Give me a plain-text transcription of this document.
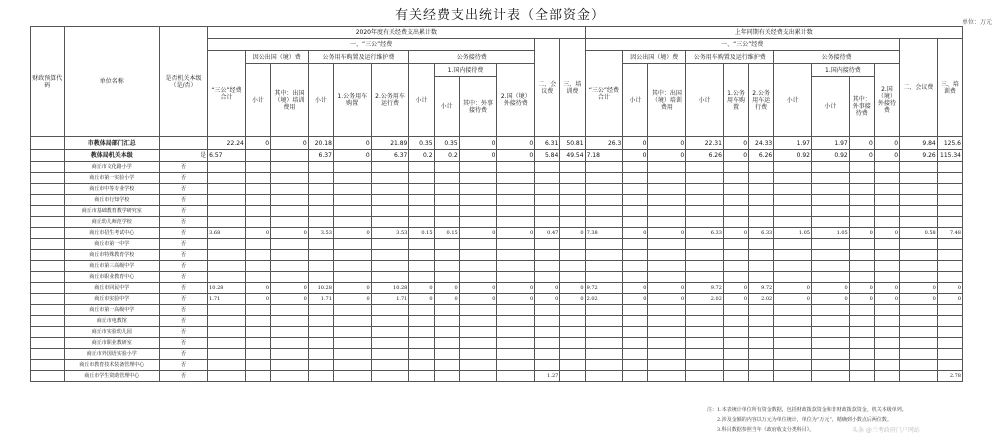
有关经费支出统计表（全部资金）	单位：万元
财政预算代码	单位名称	是否机关本级（是/否）	2020年度有关经费支出累计数												上年同期有关经费支出累计数											
			一、“三公”经费										二、会议费	三、培训费	一、“三公”经费										二、会议费	三、培训费
			“三公”经费合计	因公出国（境）费		公务用车购置及运行维护费			公务接待费						“三公”经费合计	因公出国（境）费		公务用车购置及运行维护费			公务接待费					
				小计	其中：出国（境）培训费用	小计	1.公务用车购置	2.公务用车运行费	小计	1.国内接待费		2.国（境）外接待费				小计	其中：出国（境）培训费用	小计	1.公务用车购置	2.公务用车运行费	小计	1.国内接待费		2.国（境）外接待费		
										小计	其中：外事接待费											小计	其中：外事接待费			
	市教体局部门汇总		22.24	0	0	20.18	0	21.89	0.35	0.35	0	0	6.31	50.81	26.3	0	0	22.31	0	24.33	1.97	1.97	0	0	9.84	125.6
	教体局机关本级	是	6.57			6.37	0	6.37	0.2	0.2	0	0	5.84	49.54	7.18	0	0	6.26	0	6.26	0.92	0.92	0	0	9.26	115.34
	商丘市文化路小学	否																								
	商丘市第一实验小学	否																								
	商丘市中等专业学校	否																								
	商丘市行知学校	否																								
	商丘市基础教育教学研究室	否																								
	商丘幼儿师范学校	否																								
	商丘市招生考试中心	否	3.68	0	0	3.53	0	3.53	0.15	0.15	0	0	0.47	0	7.38	0	0	6.33	0	6.33	1.05	1.05	0	0	0.58	7.48
	商丘市第一中学	否																								
	商丘市特殊教育学校	否																								
	商丘市第三高级中学	否																								
	商丘市职业教育中心	否																								
	商丘市回民中学	否	10.28	0	0	10.28	0	10.28	0	0	0	0	0	0	9.72	0	0	9.72	0	9.72	0	0	0	0	0	0
	商丘市实验中学	否	1.71	0	0	1.71	0	1.71	0	0	0	0	0	0	2.02	0	0	2.02	0	2.02	0	0	0	0	0	0
	商丘市第一高级中学	否																								
	商丘市电教馆	否																								
	商丘市实验幼儿园	否																								
	商丘市职业教研室	否																								
	商丘市外国语实验小学	否																								
	商丘市教育技术装备管理中心	否																								
	商丘市学生资助管理中心	否											1.27													2.78
注：1.本表统计单位所有资金数据，包括财政拨款资金和非财政拨款资金。机关本级单列。
2.涉及金额的内容以万元为单位统计，单位为“万元”，精确到小数点后两位数。
3.科目数据参照当年《政府收支分类科目》。	头条 @兰考政府门户网站
